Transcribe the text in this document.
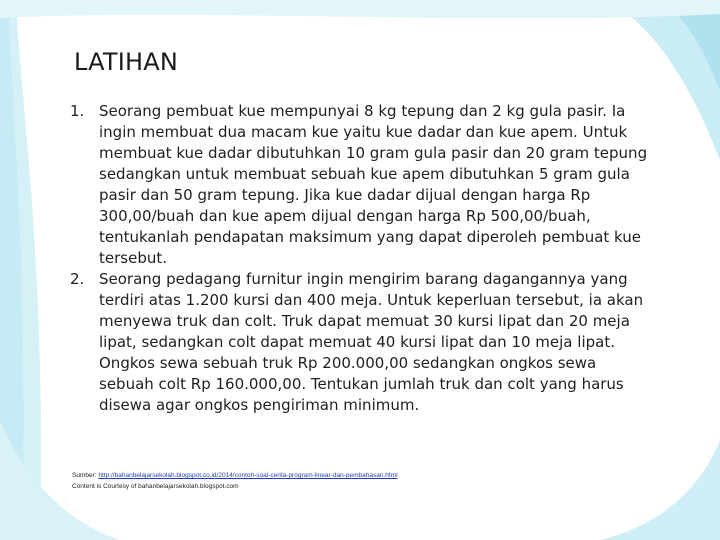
LATIHAN
1. Seorang pembuat kue mempunyai 8 kg tepung dan 2 kg gula pasir. Ia ingin membuat dua macam kue yaitu kue dadar dan kue apem. Untuk membuat kue dadar dibutuhkan 10 gram gula pasir dan 20 gram tepung sedangkan untuk membuat sebuah kue apem dibutuhkan 5 gram gula pasir dan 50 gram tepung. Jika kue dadar dijual dengan harga Rp 300,00/buah dan kue apem dijual dengan harga Rp 500,00/buah, tentukanlah pendapatan maksimum yang dapat diperoleh pembuat kue tersebut.
2. Seorang pedagang furnitur ingin mengirim barang dagangannya yang terdiri atas 1.200 kursi dan 400 meja. Untuk keperluan tersebut, ia akan menyewa truk dan colt. Truk dapat memuat 30 kursi lipat dan 20 meja lipat, sedangkan colt dapat memuat 40 kursi lipat dan 10 meja lipat. Ongkos sewa sebuah truk Rp 200.000,00 sedangkan ongkos sewa sebuah colt Rp 160.000,00. Tentukan jumlah truk dan colt yang harus disewa agar ongkos pengiriman minimum.
Sumber: http://bahanbelajarsekolah.blogspot.co.id/2014/contoh-soal-cerita-program-linear-dan-pembahasan.html
Content is Courtesy of bahanbelajarsekolah.blogspot.com
